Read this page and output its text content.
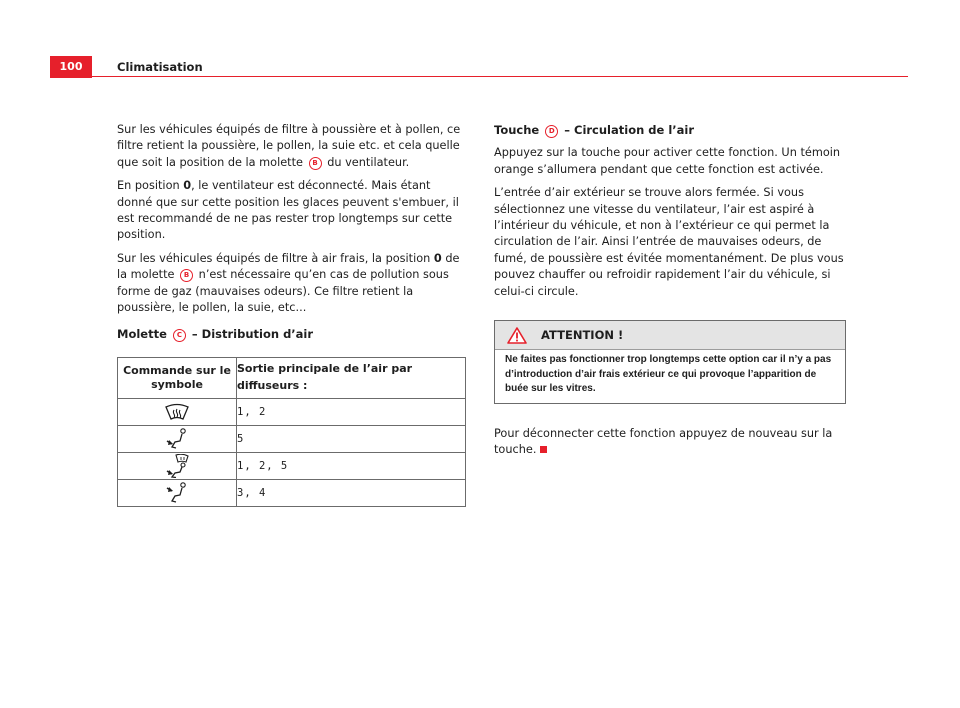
100	Climatisation

Sur les véhicules équipés de filtre à poussière et à pollen, ce filtre retient la poussière, le pollen, la suie etc. et cela quelle que soit la position de la molette B du ventilateur.

En position 0, le ventilateur est déconnecté. Mais étant donné que sur cette position les glaces peuvent s'embuer, il est recommandé de ne pas rester trop longtemps sur cette position.

Sur les véhicules équipés de filtre à air frais, la position 0 de la molette B n’est nécessaire qu’en cas de pollution sous forme de gaz (mauvaises odeurs). Ce filtre retient la poussière, le pollen, la suie, etc...

Molette C – Distribution d’air
Commande sur le symbole	Sortie principale de l’air par diffuseurs :

	1, 2

	5

	1, 2, 5

	3, 4
Touche D – Circulation de l’air

Appuyez sur la touche pour activer cette fonction. Un témoin orange s’allumera pendant que cette fonction est activée.

L’entrée d’air extérieur se trouve alors fermée. Si vous sélectionnez une vitesse du ventilateur, l’air est aspiré à l’intérieur du véhicule, et non à l’extérieur ce qui permet la circulation de l’air. Ainsi l’entrée de mauvaises odeurs, de fumé, de poussière est évitée momentanément. De plus vous pouvez chauffer ou refroidir rapidement l’air du véhicule, si celui-ci circule.

ATTENTION !
Ne faites pas fonctionner trop longtemps cette option car il n’y a pas d’introduction d’air frais extérieur ce qui provoque l’apparition de buée sur les vitres.

Pour déconnecter cette fonction appuyez de nouveau sur la touche.
